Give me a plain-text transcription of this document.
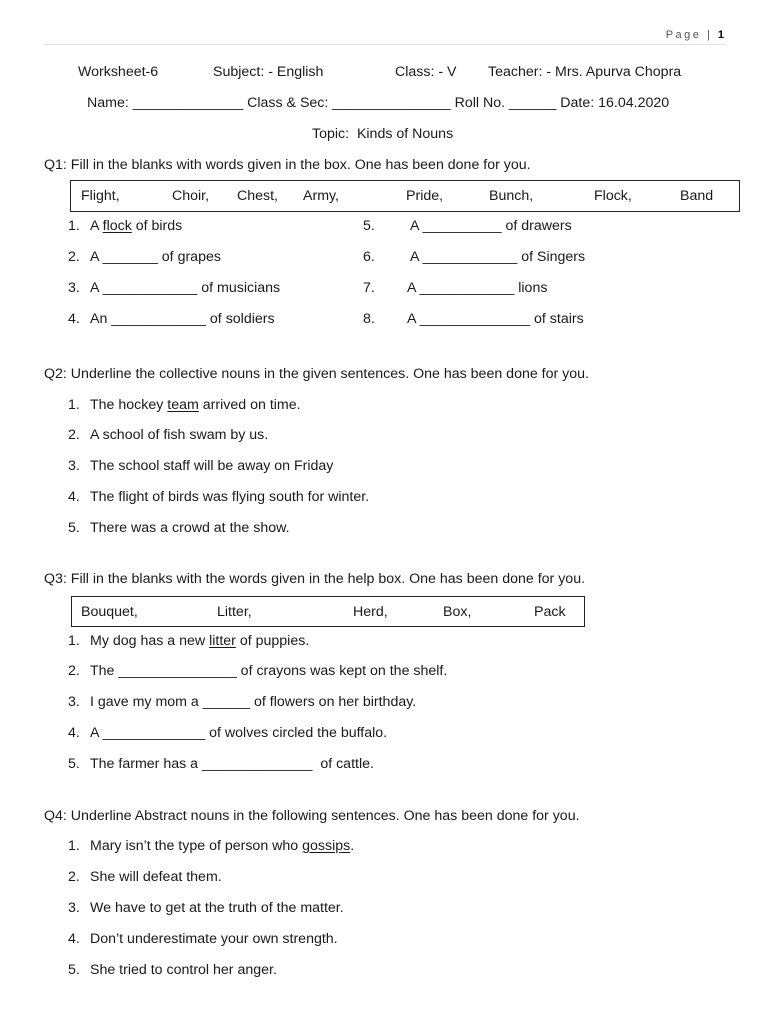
Page | 1
Worksheet-6	Subject: - English	Class: - V Teacher: - Mrs. Apurva Chopra
Name: ______________ Class & Sec: _______________ Roll No. ______ Date: 16.04.2020
Topic:  Kinds of Nouns
Q1: Fill in the blanks with words given in the box. One has been done for you.
Flight,	Choir, Chest, Army,	Pride,	Bunch,	Flock,	Band
1. A flock of birds
2. A _______ of grapes
3. A ____________ of musicians
4. An ____________ of soldiers
5. A __________ of drawers
6. A ____________ of Singers
7. A ____________ lions
8. A ______________ of stairs
Q2: Underline the collective nouns in the given sentences. One has been done for you.
1. The hockey team arrived on time.
2. A school of fish swam by us.
3. The school staff will be away on Friday
4. The flight of birds was flying south for winter.
5. There was a crowd at the show.
Q3: Fill in the blanks with the words given in the help box. One has been done for you.
Bouquet,	Litter,	Herd,	Box,	Pack
1. My dog has a new litter of puppies.
2. The _______________ of crayons was kept on the shelf.
3. I gave my mom a ______ of flowers on her birthday.
4. A _____________ of wolves circled the buffalo.
5. The farmer has a ______________  of cattle.
Q4: Underline Abstract nouns in the following sentences. One has been done for you.
1. Mary isn’t the type of person who gossips.
2. She will defeat them.
3. We have to get at the truth of the matter.
4. Don’t underestimate your own strength.
5. She tried to control her anger.
